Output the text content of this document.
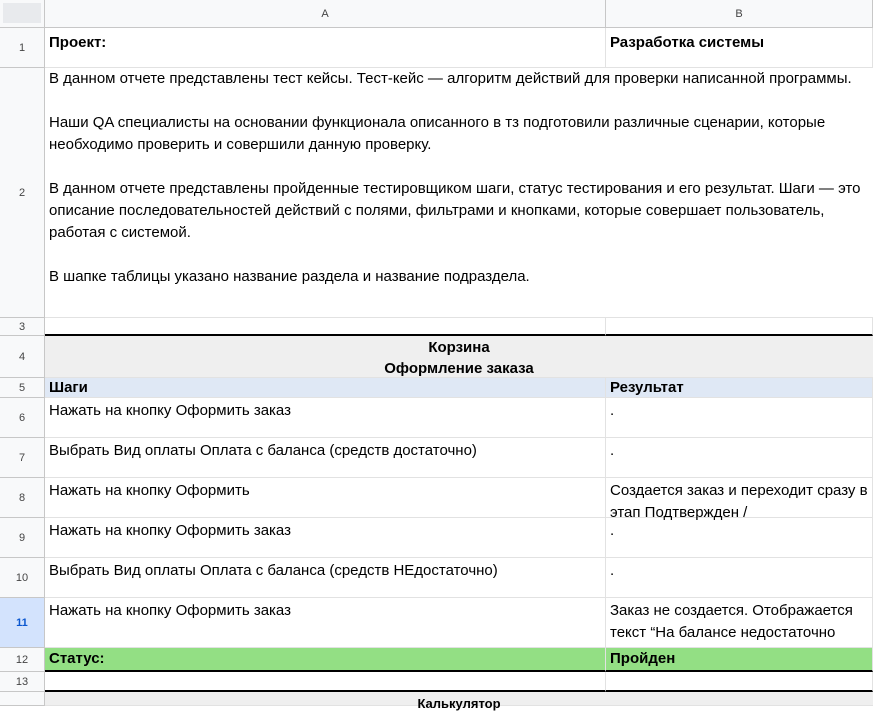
A	B
1
2
3
4
5
6
7
8
9
10
11
12
13
Проект:	Разработка системы

В данном отчете представлены тест кейсы. Тест-кейс — алгоритм действий для проверки написанной программы.

Наши QA специалисты на основании функционала описанного в тз подготовили различные сценарии, которые необходимо проверить и совершили данную проверку.

В данном отчете представлены пройденные тестировщиком шаги, статус тестирования и его результат. Шаги — это описание последовательностей действий с полями, фильтрами и кнопками, которые совершает пользователь, работая с системой.

В шапке таблицы указано название раздела и название подраздела.

Корзина
Оформление заказа
Шаги	Результат
Нажать на кнопку Оформить заказ	.
Выбрать Вид оплаты Оплата с баланса (средств достаточно)	.
Нажать на кнопку Оформить	Создается заказ и переходит сразу в этап Подтвержден /
Нажать на кнопку Оформить заказ	.
Выбрать Вид оплаты Оплата с баланса (средств НЕдостаточно)	.
Нажать на кнопку Оформить заказ	Заказ не создается. Отображается текст “На балансе недостаточно
Статус:	Пройден
Калькулятор
